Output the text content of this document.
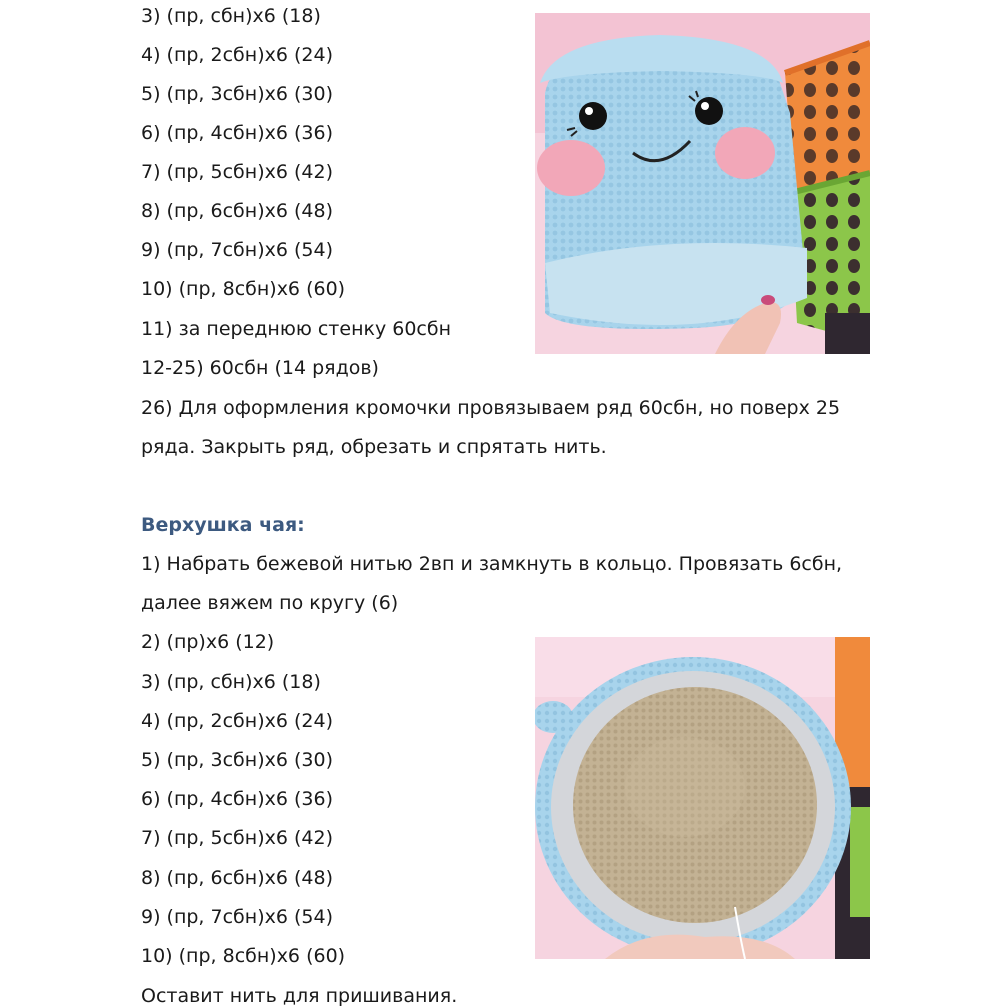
3) (пр, сбн)х6 (18)
4) (пр, 2сбн)х6 (24)
5) (пр, 3сбн)х6 (30)
6) (пр, 4сбн)х6 (36)
7) (пр, 5сбн)х6 (42)
8) (пр, 6сбн)х6 (48)
9) (пр, 7сбн)х6 (54)
10) (пр, 8сбн)х6 (60)
11) за переднюю стенку 60сбн
12-25) 60сбн (14 рядов)
26) Для оформления кромочки провязываем ряд 60сбн, но поверх 25
ряда. Закрыть ряд, обрезать и спрятать нить.
Верхушка чая:
1) Набрать бежевой нитью 2вп и замкнуть в кольцо. Провязать 6сбн,
далее вяжем по кругу (6)
2) (пр)х6 (12)
3) (пр, сбн)х6 (18)
4) (пр, 2сбн)х6 (24)
5) (пр, 3сбн)х6 (30)
6) (пр, 4сбн)х6 (36)
7) (пр, 5сбн)х6 (42)
8) (пр, 6сбн)х6 (48)
9) (пр, 7сбн)х6 (54)
10) (пр, 8сбн)х6 (60)
Оставит нить для пришивания.
